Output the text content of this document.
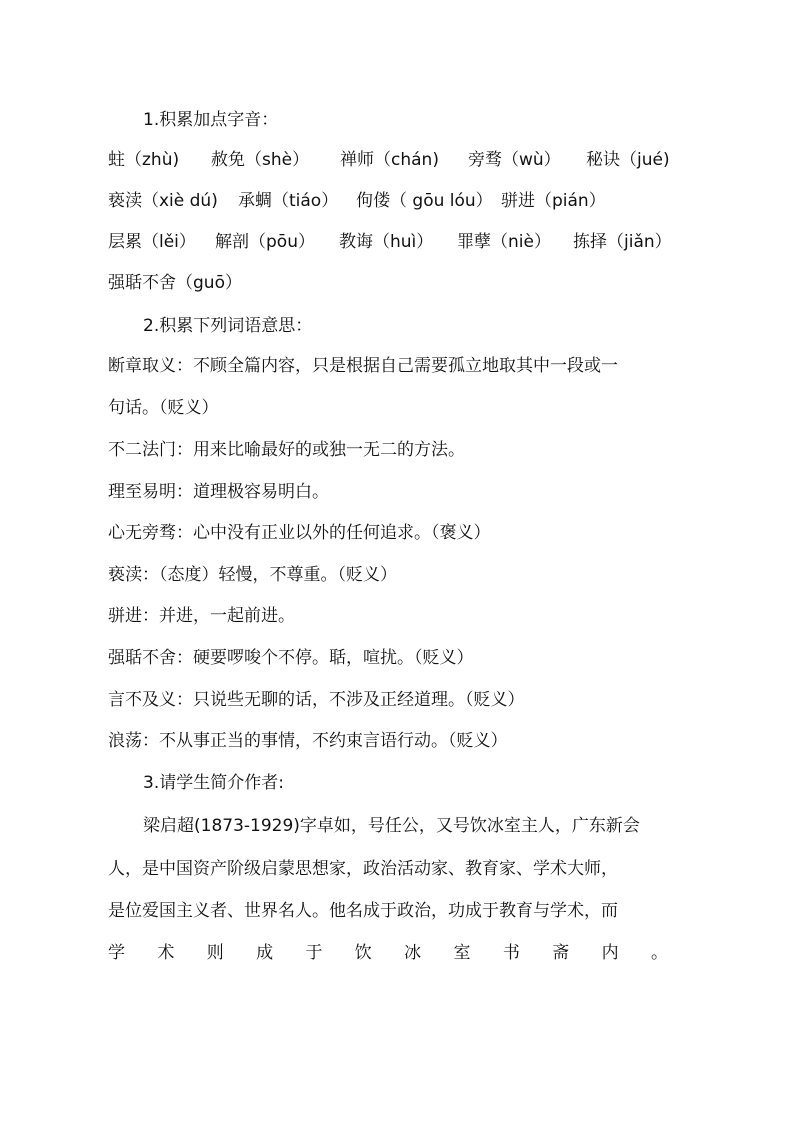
1.积累加点字音：
蛀（zhù) 赦免（shè） 禅师（chán) 旁骛（wù） 秘诀（jué)
亵渎（xiè dú) 承蜩（tiáo） 佝偻（ gōu lóu） 骈进（pián）
层累（lěi） 解剖（pōu） 教诲（huì） 罪孽（niè） 拣择（jiǎn）
强聒不舍（guō）
2.积累下列词语意思：
断章取义：不顾全篇内容，只是根据自己需要孤立地取其中一段或一
句话。（贬义）
不二法门：用来比喻最好的或独一无二的方法。
理至易明：道理极容易明白。
心无旁骛：心中没有正业以外的任何追求。（褒义）
亵渎：（态度）轻慢，不尊重。（贬义）
骈进：并进，一起前进。
强聒不舍：硬要啰唆个不停。聒，喧扰。（贬义）
言不及义：只说些无聊的话，不涉及正经道理。（贬义）
浪荡：不从事正当的事情，不约束言语行动。（贬义）
3.请学生简介作者:
梁启超(1873-1929)字卓如，号任公，又号饮冰室主人，广东新会
人，是中国资产阶级启蒙思想家，政治活动家、教育家、学术大师，
是位爱国主义者、世界名人。他名成于政治，功成于教育与学术，而
学 术 则 成 于 饮 冰 室 书 斋 内 。
